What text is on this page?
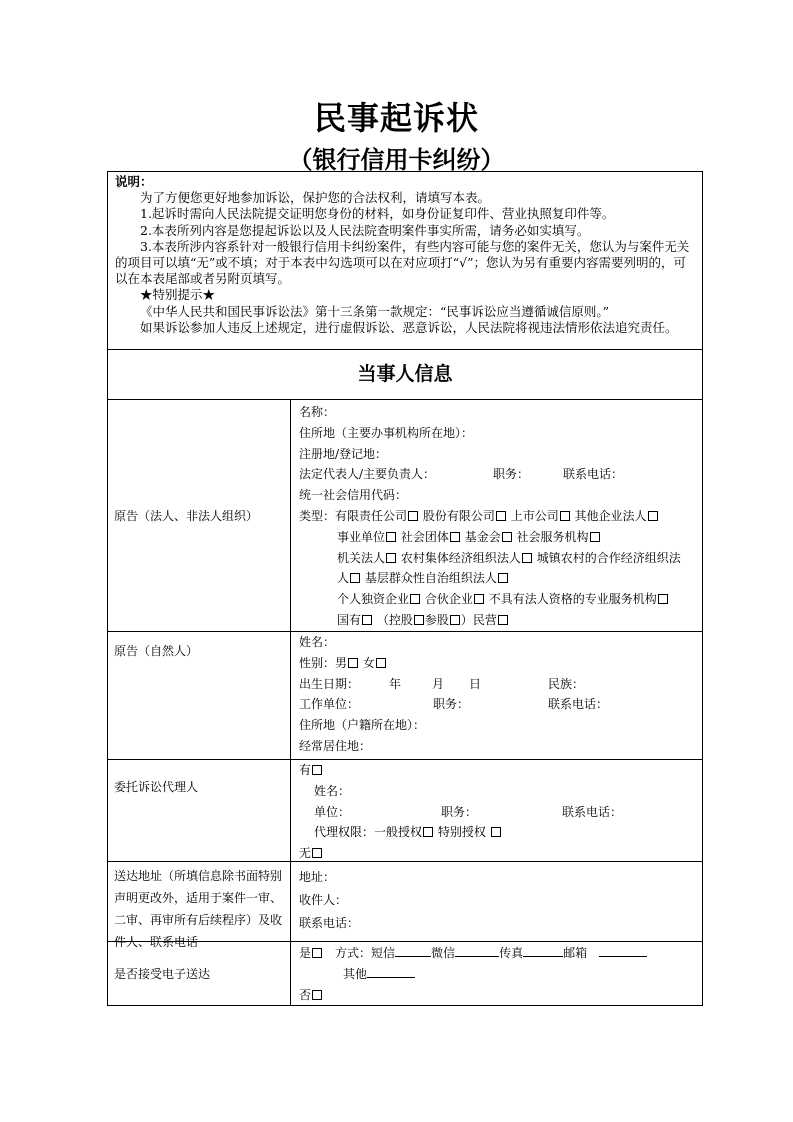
民事起诉状
（银行信用卡纠纷）
说明：

为了方便您更好地参加诉讼，保护您的合法权利，请填写本表。

1.起诉时需向人民法院提交证明您身份的材料，如身份证复印件、营业执照复印件等。

2.本表所列内容是您提起诉讼以及人民法院查明案件事实所需，请务必如实填写。

3.本表所涉内容系针对一般银行信用卡纠纷案件，有些内容可能与您的案件无关，您认为与案件无关的项目可以填“无”或不填；对于本表中勾选项可以在对应项打“√”；您认为另有重要内容需要列明的，可以在本表尾部或者另附页填写。

★特别提示★

《中华人民共和国民事诉讼法》第十三条第一款规定：“民事诉讼应当遵循诚信原则。”

如果诉讼参加人违反上述规定，进行虚假诉讼、恶意诉讼，人民法院将视违法情形依法追究责任。

当事人信息
原告（法人、非法人组织）
名称：
住所地（主要办事机构所在地）：
注册地/登记地：
法定代表人/主要负责人：	职务：	联系电话：
统一社会信用代码：
类型：有限责任公司 股份有限公司 上市公司 其他企业法人
事业单位 社会团体 基金会 社会服务机构
机关法人 农村集体经济组织法人 城镇农村的合作经济组织法
人 基层群众性自治组织法人
个人独资企业 合伙企业 不具有法人资格的专业服务机构
国有 （控股 参股 ）民营
原告（自然人）
姓名：
性别：男 女
出生日期： 年	月 日	民族：
工作单位：	职务：	联系电话：
住所地（户籍所在地）：
经常居住地：
委托诉讼代理人
有
姓名：
单位：	职务：	联系电话：
代理权限：一般授权 特别授权
无
送达地址（所填信息除书面特别声明更改外，适用于案件一审、二审、再审所有后续程序）及收件人、联系电话
地址：
收件人：
联系电话：
是否接受电子送达
是 方式：短信	微信	传真	邮箱
其他
否
